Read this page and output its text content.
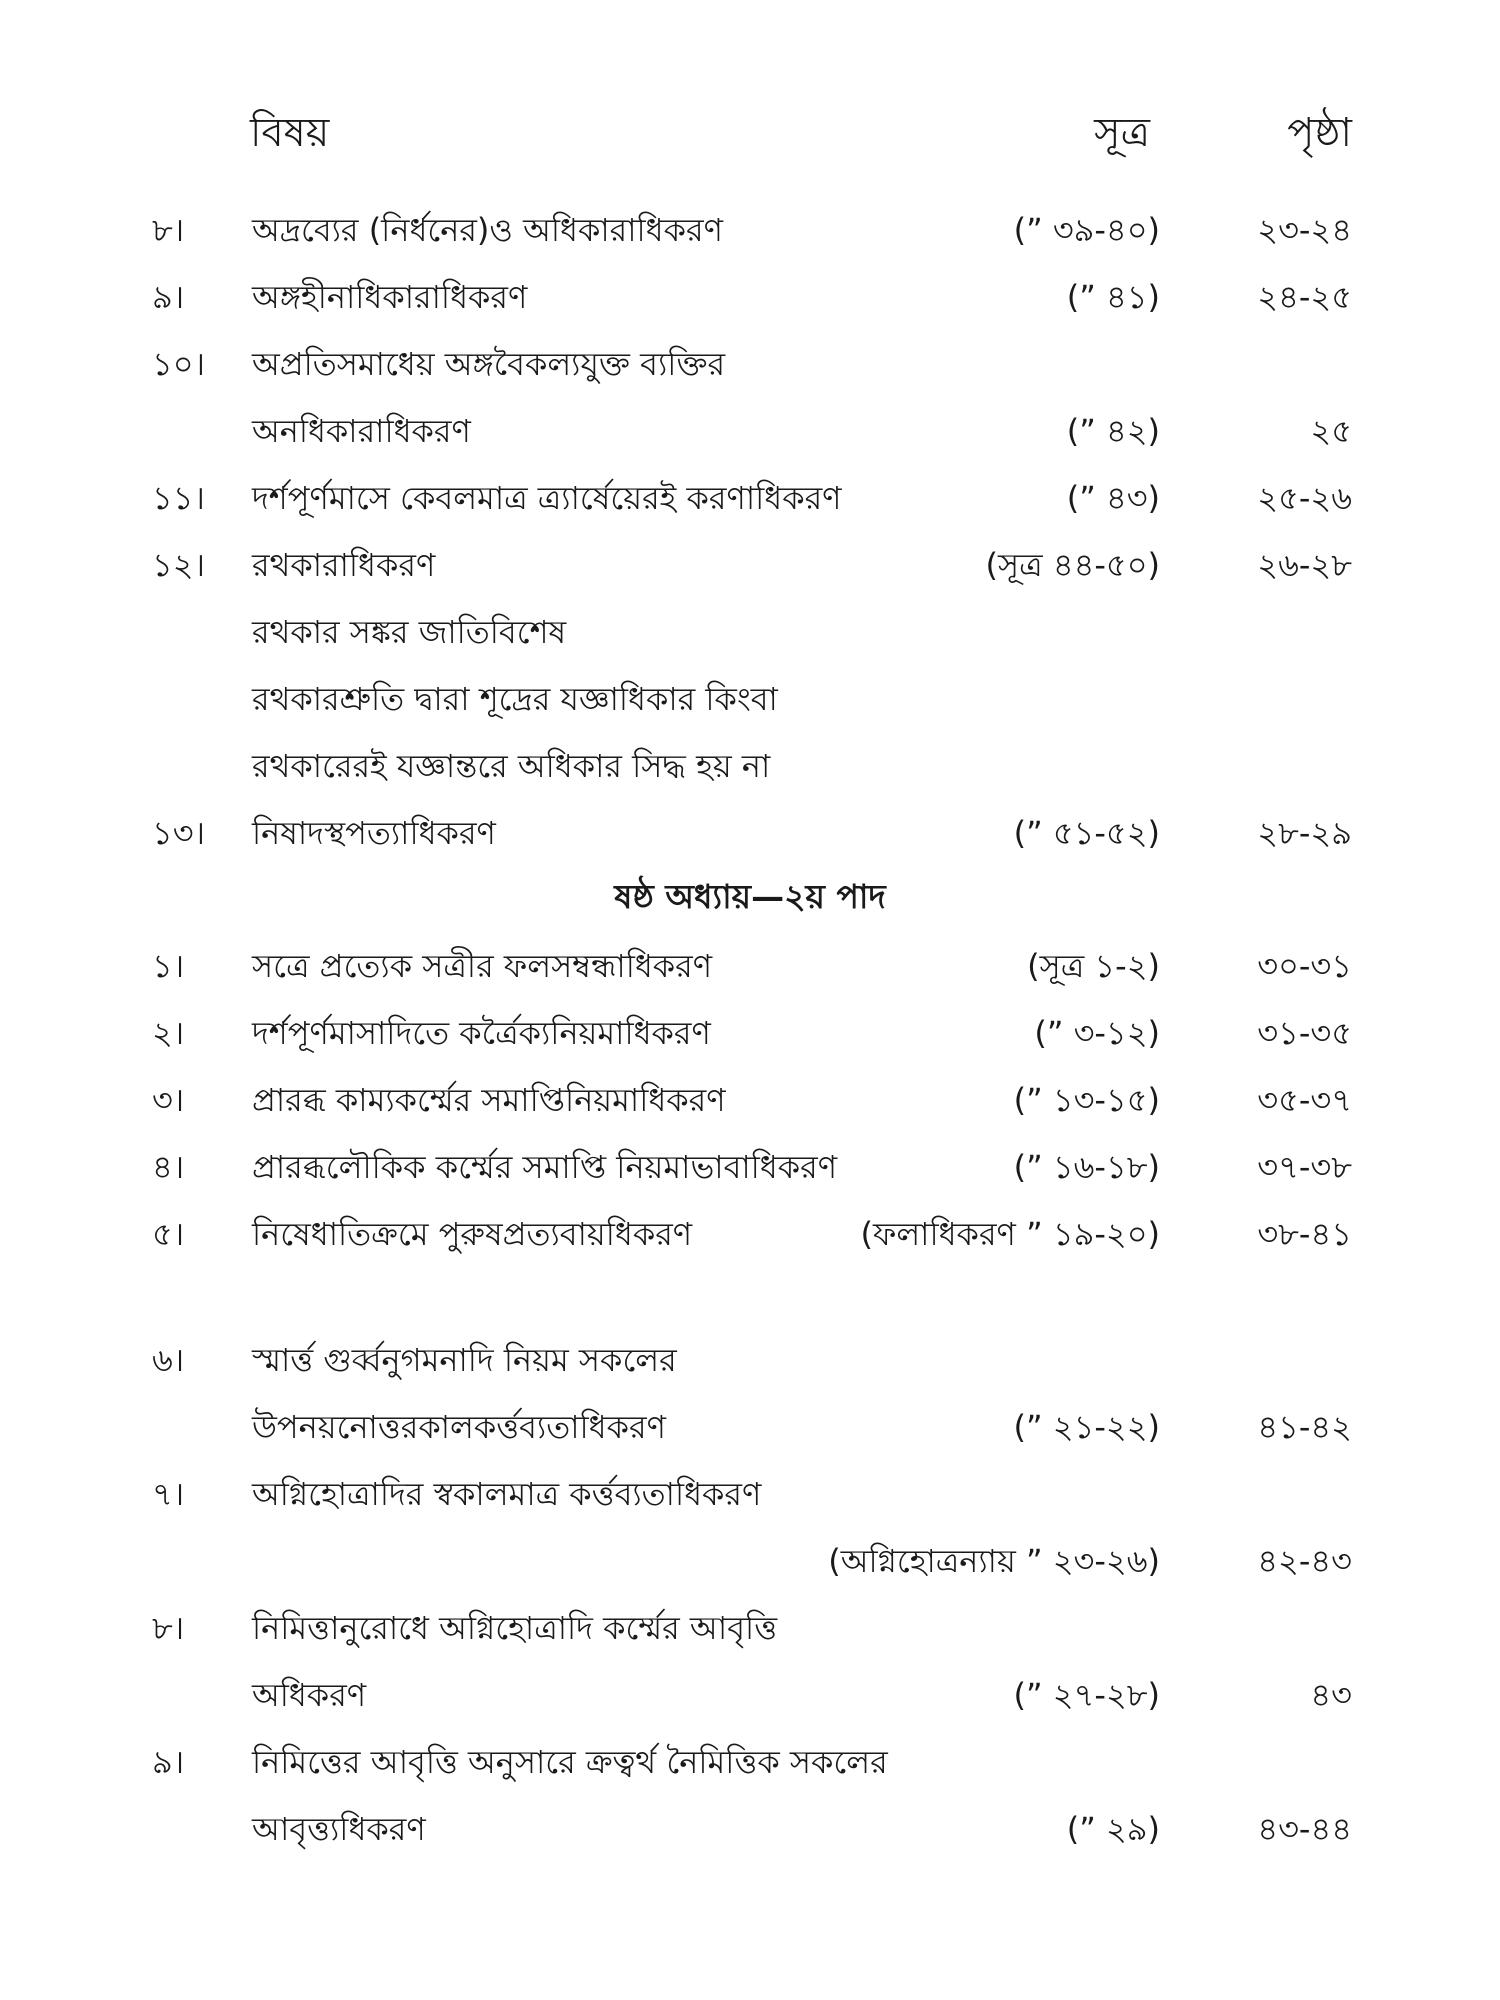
বিষয়	সূত্র	পৃষ্ঠা
৮। অদ্রব্যের (নির্ধনের)ও অধিকারাধিকরণ	(” ৩৯-৪০)	২৩-২৪
৯। অঙ্গহীনাধিকারাধিকরণ	(” ৪১)	২৪-২৫
১০। অপ্রতিসমাধেয় অঙ্গবৈকল্যযুক্ত ব্যক্তির
অনধিকারাধিকরণ	(” ৪২)	২৫
১১। দর্শপূর্ণমাসে কেবলমাত্র ত্র্যার্ষেয়েরই করণাধিকরণ	(” ৪৩)	২৫-২৬
১২। রথকারাধিকরণ	(সূত্র ৪৪-৫০)	২৬-২৮
রথকার সঙ্কর জাতিবিশেষ
রথকারশ্রুতি দ্বারা শূদ্রের যজ্ঞাধিকার কিংবা
রথকারেরই যজ্ঞান্তরে অধিকার সিদ্ধ হয় না
১৩। নিষাদস্থপত্যাধিকরণ	(” ৫১-৫২)	২৮-২৯
ষষ্ঠ অধ্যায়—২য় পাদ
১। সত্রে প্রত্যেক সত্রীর ফলসম্বন্ধাধিকরণ	(সূত্র ১-২)	৩০-৩১
২। দর্শপূর্ণমাসাদিতে কর্ত্রৈক্যনিয়মাধিকরণ	(” ৩-১২)	৩১-৩৫
৩। প্রারব্ধ কাম্যকর্ম্মের সমাপ্তিনিয়মাধিকরণ	(” ১৩-১৫)	৩৫-৩৭
৪। প্রারব্ধলৌকিক কর্ম্মের সমাপ্তি নিয়মাভাবাধিকরণ	(” ১৬-১৮)	৩৭-৩৮
৫। নিষেধাতিক্রমে পুরুষপ্রত্যবায়ধিকরণ	(ফলাধিকরণ ” ১৯-২০)	৩৮-৪১
৬। স্মার্ত্ত গুর্ব্বনুগমনাদি নিয়ম সকলের
উপনয়নোত্তরকালকর্ত্তব্যতাধিকরণ	(” ২১-২২)	৪১-৪২
৭। অগ্নিহোত্রাদির স্বকালমাত্র কর্ত্তব্যতাধিকরণ
(অগ্নিহোত্রন্যায় ” ২৩-২৬)	৪২-৪৩
৮। নিমিত্তানুরোধে অগ্নিহোত্রাদি কর্ম্মের আবৃত্তি
অধিকরণ	(” ২৭-২৮)	৪৩
৯। নিমিত্তের আবৃত্তি অনুসারে ক্রত্বর্থ নৈমিত্তিক সকলের
আবৃত্ত্যধিকরণ	(” ২৯)	৪৩-৪৪
